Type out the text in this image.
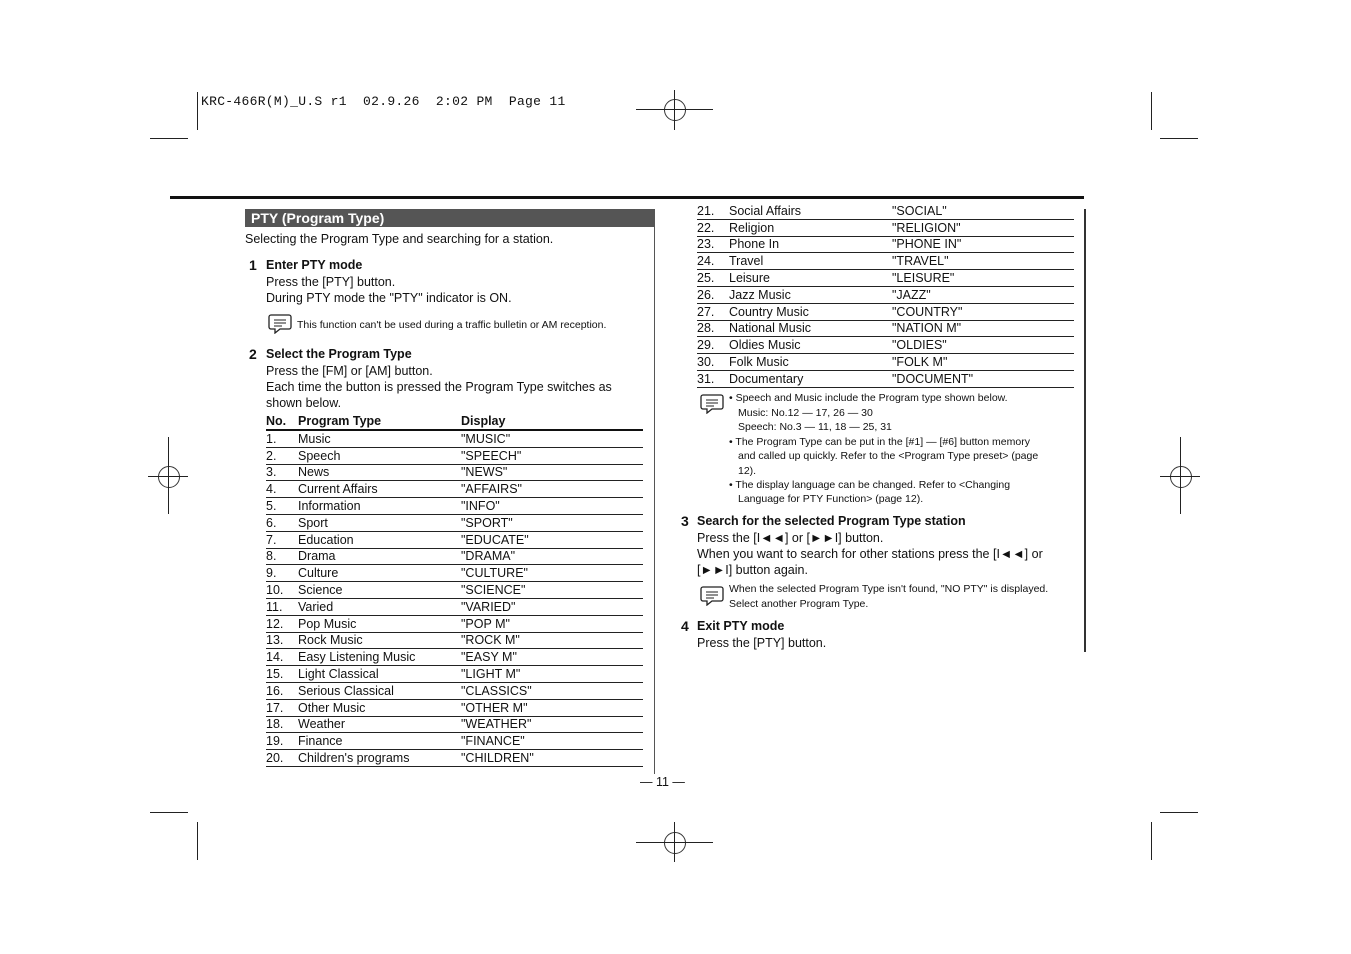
KRC-466R(M)_U.S r1  02.9.26  2:02 PM  Page 11
PTY (Program Type)
Selecting the Program Type and searching for a station.
1 Enter PTY mode
Press the [PTY] button.
During PTY mode the "PTY" indicator is ON.
This function can't be used during a traffic bulletin or AM reception.
2 Select the Program Type
Press the [FM] or [AM] button.
Each time the button is pressed the Program Type switches as
shown below.
No.	Program Type	Display
1.	Music	"MUSIC"
2.	Speech	"SPEECH"
3.	News	"NEWS"
4.	Current Affairs	"AFFAIRS"
5.	Information	"INFO"
6.	Sport	"SPORT"
7.	Education	"EDUCATE"
8.	Drama	"DRAMA"
9.	Culture	"CULTURE"
10.	Science	"SCIENCE"
11.	Varied	"VARIED"
12.	Pop Music	"POP M"
13.	Rock Music	"ROCK M"
14.	Easy Listening Music	"EASY M"
15.	Light Classical	"LIGHT M"
16.	Serious Classical	"CLASSICS"
17.	Other Music	"OTHER M"
18.	Weather	"WEATHER"
19.	Finance	"FINANCE"
20.	Children's programs	"CHILDREN"
21.	Social Affairs	"SOCIAL"
22.	Religion	"RELIGION"
23.	Phone In	"PHONE IN"
24.	Travel	"TRAVEL"
25.	Leisure	"LEISURE"
26.	Jazz Music	"JAZZ"
27.	Country Music	"COUNTRY"
28.	National Music	"NATION M"
29.	Oldies Music	"OLDIES"
30.	Folk Music	"FOLK M"
31.	Documentary	"DOCUMENT"
• Speech and Music include the Program type shown below.
Music: No.12 — 17, 26 — 30
Speech: No.3 — 11, 18 — 25, 31
• The Program Type can be put in the [#1] — [#6] button memory
and called up quickly. Refer to the <Program Type preset> (page
12).
• The display language can be changed. Refer to <Changing
Language for PTY Function> (page 12).
3 Search for the selected Program Type station
Press the [I◄◄] or [►►I] button.
When you want to search for other stations press the [I◄◄] or
[►►I] button again.
When the selected Program Type isn't found, "NO PTY" is displayed.
Select another Program Type.
4 Exit PTY mode
Press the [PTY] button.
— 11 —
